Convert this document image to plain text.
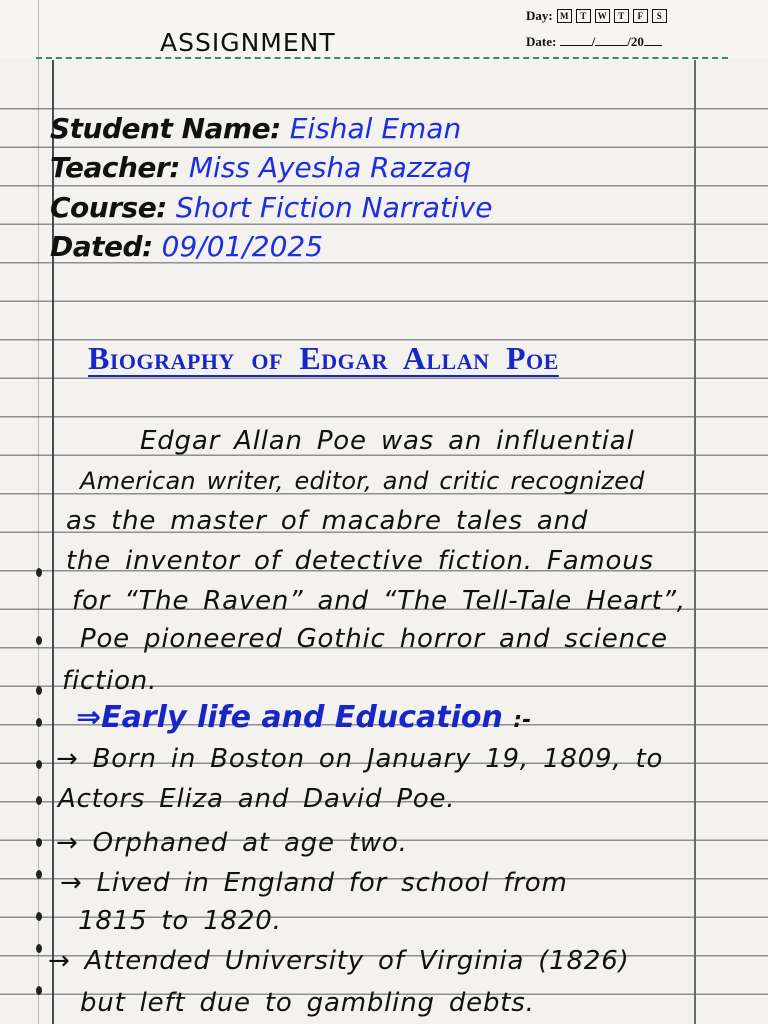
Day: M	T	W	T	F	S
Date:	/ /20
ASSIGNMENT
Student Name: Eishal Eman
Teacher: Miss Ayesha Razzaq
Course: Short Fiction Narrative
Dated: 09/01/2025
Biography of Edgar Allan Poe
Edgar Allan Poe was an influential
American writer, editor, and critic recognized
as the master of macabre tales and
the inventor of detective fiction. Famous
for “The Raven” and “The Tell-Tale Heart”,
Poe pioneered Gothic horror and science
fiction.
⇒Early life and Education :-
→ Born in Boston on January 19, 1809, to
Actors Eliza and David Poe.
→ Orphaned at age two.
→ Lived in England for school from
1815 to 1820.
→ Attended University of Virginia (1826)
but left due to gambling debts.
